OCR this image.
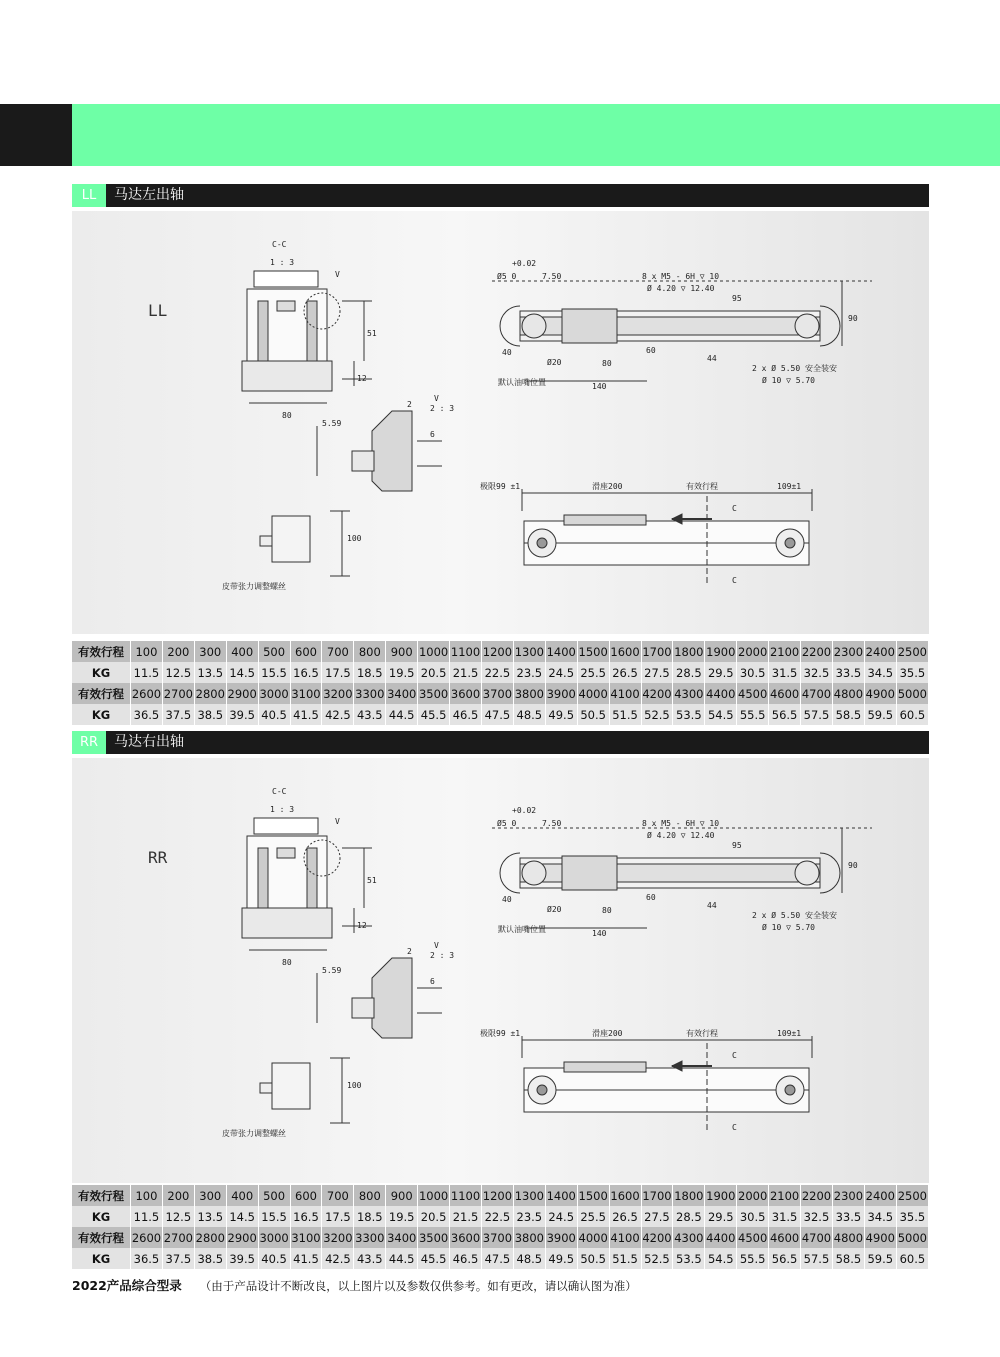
LL	马达左出轴
LL
C-C
1 : 3
V
80
51
12
V
2 : 3
5.59
2
6
100
皮带张力调整螺丝
+0.02
Ø5 0	7.50	8 x M5 - 6H ▽ 10
Ø 4.20 ▽ 12.40
90
95
40
Ø20
默认油嘴位置	140
80
60
44
2 x Ø 5.50 安全装安
Ø 10 ▽ 5.70
极限99 ±1	滑座200	有效行程	109±1
C
C
有效行程	100	200	300	400	500	600	700	800	900	1000	1100	1200	1300	1400	1500	1600	1700	1800	1900	2000	2100	2200	2300	2400	2500
KG	11.5	12.5	13.5	14.5	15.5	16.5	17.5	18.5	19.5	20.5	21.5	22.5	23.5	24.5	25.5	26.5	27.5	28.5	29.5	30.5	31.5	32.5	33.5	34.5	35.5
有效行程	2600	2700	2800	2900	3000	3100	3200	3300	3400	3500	3600	3700	3800	3900	4000	4100	4200	4300	4400	4500	4600	4700	4800	4900	5000
KG	36.5	37.5	38.5	39.5	40.5	41.5	42.5	43.5	44.5	45.5	46.5	47.5	48.5	49.5	50.5	51.5	52.5	53.5	54.5	55.5	56.5	57.5	58.5	59.5	60.5
RR	马达右出轴
RR
C-C
1 : 3
V
80
51
12
V
2 : 3
5.59
2
6
100
皮带张力调整螺丝
+0.02
Ø5 0	7.50	8 x M5 - 6H ▽ 10
Ø 4.20 ▽ 12.40
90
95
40
Ø20
默认油嘴位置	140
80
60
44
2 x Ø 5.50 安全装安
Ø 10 ▽ 5.70
极限99 ±1	滑座200	有效行程	109±1
C
C
有效行程	100	200	300	400	500	600	700	800	900	1000	1100	1200	1300	1400	1500	1600	1700	1800	1900	2000	2100	2200	2300	2400	2500
KG	11.5	12.5	13.5	14.5	15.5	16.5	17.5	18.5	19.5	20.5	21.5	22.5	23.5	24.5	25.5	26.5	27.5	28.5	29.5	30.5	31.5	32.5	33.5	34.5	35.5
有效行程	2600	2700	2800	2900	3000	3100	3200	3300	3400	3500	3600	3700	3800	3900	4000	4100	4200	4300	4400	4500	4600	4700	4800	4900	5000
KG	36.5	37.5	38.5	39.5	40.5	41.5	42.5	43.5	44.5	45.5	46.5	47.5	48.5	49.5	50.5	51.5	52.5	53.5	54.5	55.5	56.5	57.5	58.5	59.5	60.5
2022产品综合型录 （由于产品设计不断改良，以上图片以及参数仅供参考。如有更改，请以确认图为准）
